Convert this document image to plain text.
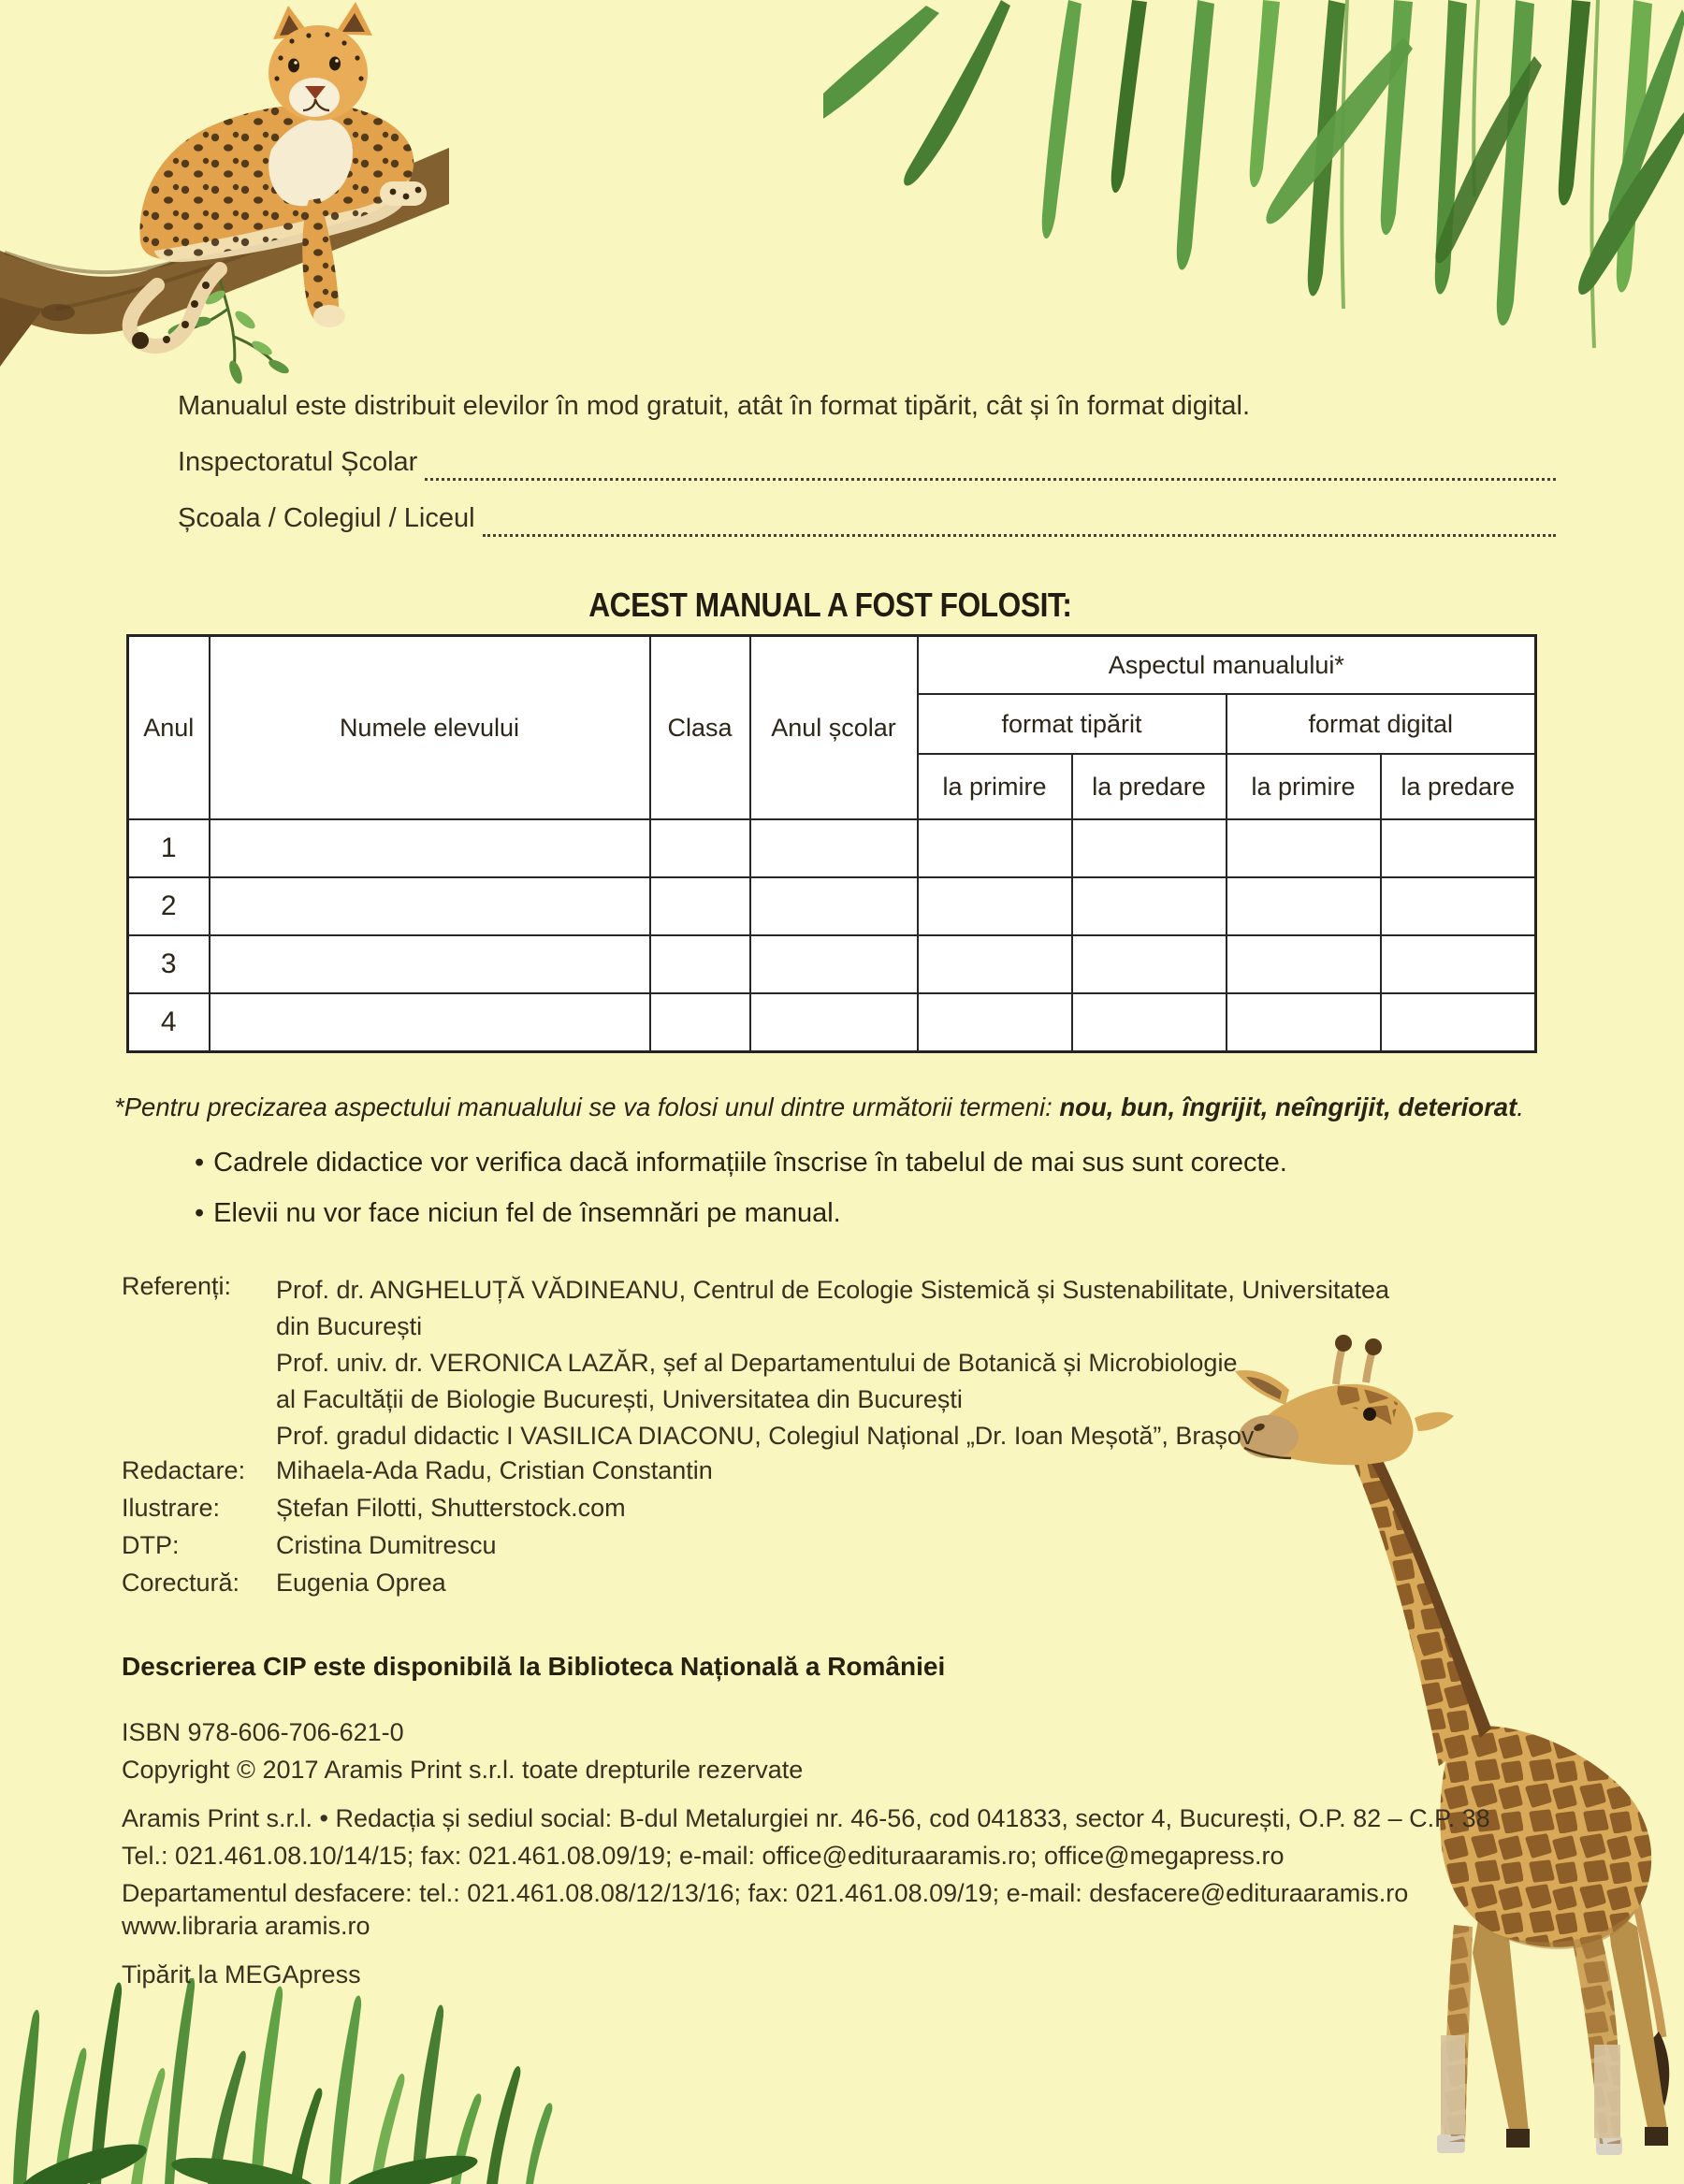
Manualul este distribuit elevilor în mod gratuit, atât în format tipărit, cât și în format digital.
Inspectoratul Școlar
Școala / Colegiul / Liceul
ACEST MANUAL A FOST FOLOSIT:
Anul	Numele elevului	Clasa	Anul școlar	Aspectul manualului*			
				format tipărit		format digital	
				la primire	la predare	la primire	la predare
1							
2							
3							
4							
*Pentru precizarea aspectului manualului se va folosi unul dintre următorii termeni: nou, bun, îngrijit, neîngrijit, deteriorat.
• Cadrele didactice vor verifica dacă informațiile înscrise în tabelul de mai sus sunt corecte.
• Elevii nu vor face niciun fel de însemnări pe manual.
Referenți:	Prof. dr. ANGHELUȚĂ VĂDINEANU, Centrul de Ecologie Sistemică și Sustenabilitate, Universitatea din București
Prof. univ. dr. VERONICA LAZĂR, șef al Departamentului de Botanică și Microbiologie
al Facultății de Biologie București, Universitatea din București
Prof. gradul didactic I VASILICA DIACONU, Colegiul Național „Dr. Ioan Meșotă”, Brașov
Redactare:	Mihaela-Ada Radu, Cristian Constantin
Ilustrare:	Ștefan Filotti, Shutterstock.com
DTP:	Cristina Dumitrescu
Corectură:	Eugenia Oprea
Descrierea CIP este disponibilă la Biblioteca Națională a României
ISBN 978-606-706-621-0
Copyright © 2017 Aramis Print s.r.l. toate drepturile rezervate
Aramis Print s.r.l. • Redacția și sediul social: B-dul Metalurgiei nr. 46-56, cod 041833, sector 4, București, O.P. 82 – C.P. 38
Tel.: 021.461.08.10/14/15; fax: 021.461.08.09/19; e-mail: office@edituraaramis.ro; office@megapress.ro
Departamentul desfacere: tel.: 021.461.08.08/12/13/16; fax: 021.461.08.09/19; e-mail: desfacere@edituraaramis.ro
www.libraria aramis.ro
Tipărit la MEGApress
